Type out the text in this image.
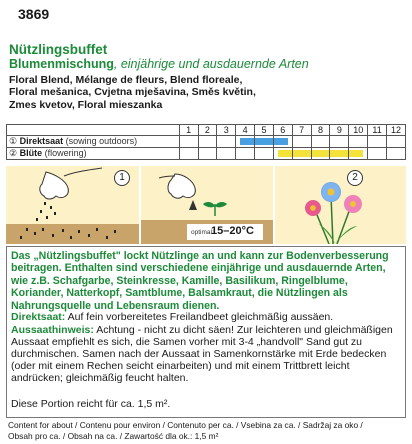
3869
Nützlingsbuffet
Blumenmischung, einjährige und ausdauernde Arten
Floral Blend, Mélange de fleurs, Blend floreale,
Floral mešanica, Cvjetna mješavina, Směs květin,
Zmes kvetov, Floral mieszanka
	1	2	3	4	5	6	7	8	9	10	11	12
① Direktsaat (sowing outdoors)				

② Blüte (flowering)						

1
optimal:
15–20°C
2
Das „Nützlingsbuffet" lockt Nützlinge an und kann zur Bodenverbesserung beitragen. Enthalten sind verschiedene einjährige und ausdauernde Arten, wie z.B. Schafgarbe, Steinkresse, Kamille, Basilikum, Ringelblume, Koriander, Natterkopf, Samtblume, Balsamkraut, die Nützlingen als Nahrungsquelle und Lebensraum dienen.
Direktsaat: Auf fein vorbereitetes Freilandbeet gleichmäßig aussäen.
Aussaathinweis: Achtung - nicht zu dicht säen! Zur leichteren und gleichmäßigen Aussaat empfiehlt es sich, die Samen vorher mit 3-4 „handvoll" Sand gut zu durchmischen. Samen nach der Aussaat in Samenkornstärke mit Erde bedecken (oder mit einem Rechen seicht einarbeiten) und mit einem Trittbrett leicht andrücken; gleichmäßig feucht halten.
Diese Portion reicht für ca. 1,5 m².
Content for about / Contenu pour environ / Contenuto per ca. / Vsebina za ca. / Sadržaj za oko /
Obsah pro ca. / Obsah na ca. / Zawartość dla ok.: 1,5 m²
